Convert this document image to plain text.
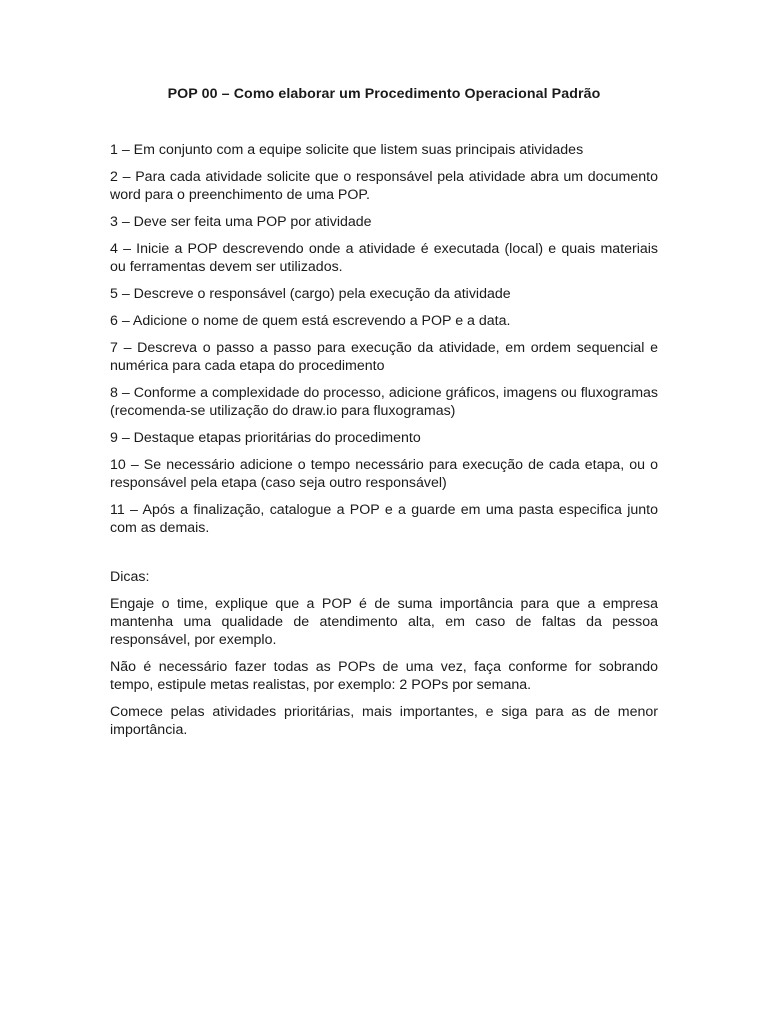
POP 00 – Como elaborar um Procedimento Operacional Padrão

1 – Em conjunto com a equipe solicite que listem suas principais atividades

2 – Para cada atividade solicite que o responsável pela atividade abra um documento word para o preenchimento de uma POP.

3 – Deve ser feita uma POP por atividade

4 – Inicie a POP descrevendo onde a atividade é executada (local) e quais materiais ou ferramentas devem ser utilizados.

5 – Descreve o responsável (cargo) pela execução da atividade

6 – Adicione o nome de quem está escrevendo a POP e a data.

7 – Descreva o passo a passo para execução da atividade, em ordem sequencial e numérica para cada etapa do procedimento

8 – Conforme a complexidade do processo, adicione gráficos, imagens ou fluxogramas (recomenda-se utilização do draw.io para fluxogramas)

9 – Destaque etapas prioritárias do procedimento

10 – Se necessário adicione o tempo necessário para execução de cada etapa, ou o responsável pela etapa (caso seja outro responsável)

11 – Após a finalização, catalogue a POP e a guarde em uma pasta especifica junto com as demais.

Dicas:

Engaje o time, explique que a POP é de suma importância para que a empresa mantenha uma qualidade de atendimento alta, em caso de faltas da pessoa responsável, por exemplo.

Não é necessário fazer todas as POPs de uma vez, faça conforme for sobrando tempo, estipule metas realistas, por exemplo: 2 POPs por semana.

Comece pelas atividades prioritárias, mais importantes, e siga para as de menor importância.
